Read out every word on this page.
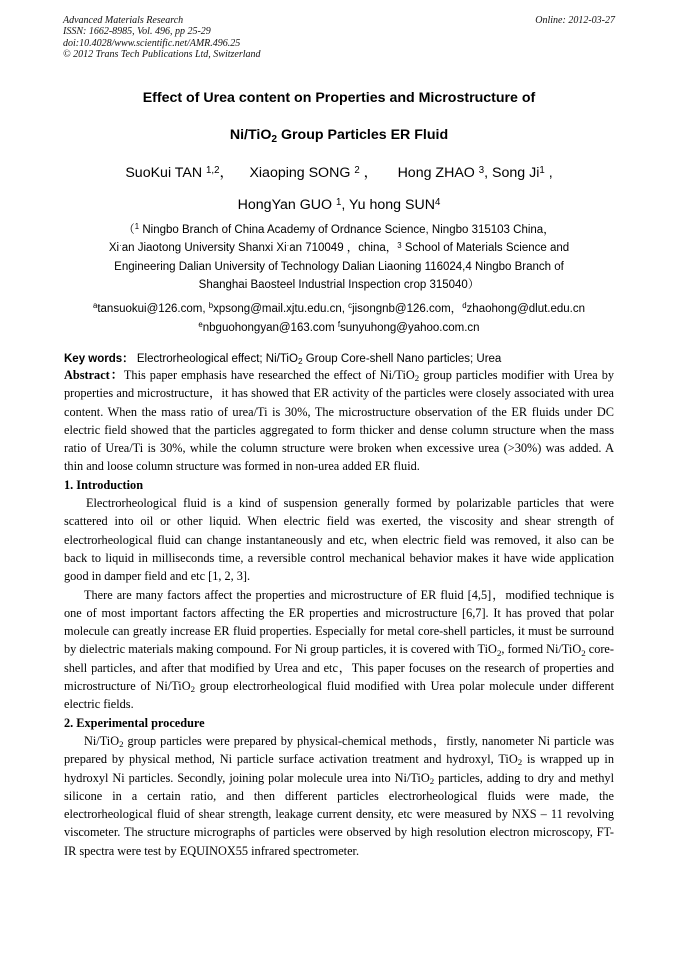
Advanced Materials Research
ISSN: 1662-8985, Vol. 496, pp 25-29
doi:10.4028/www.scientific.net/AMR.496.25
© 2012 Trans Tech Publications Ltd, Switzerland
Online: 2012-03-27
Effect of Urea content on Properties and Microstructure of
Ni/TiO$_2$ Group Particles ER Fluid
SuoKui TAN $^{1,2}$， Xiaoping SONG $^2$ ， Hong ZHAO $^3$, Song Ji$^1$ ,
HongYan GUO $^1$, Yu hong SUN$^4$
（$^1$ Ningbo Branch of China Academy of Ordnance Science, Ningbo 315103 China，
Xi·an Jiaotong University Shanxi Xi·an 710049 ，china，$^3$ School of Materials Science and
Engineering Dalian University of Technology Dalian Liaoning 116024,4 Ningbo Branch of
Shanghai Baosteel Industrial Inspection crop 315040）
$^a$tansuokui@126.com, $^b$xpsong@mail.xjtu.edu.cn, $^c$jisongnb@126.com，$^d$zhaohong@dlut.edu.cn
$^e$nbguohongyan@163.com $^f$sunyuhong@yahoo.com.cn
Key words： Electrorheological effect; Ni/TiO$_2$ Group Core-shell Nano particles; Urea

Abstract：This paper emphasis have researched the effect of Ni/TiO$_2$ group particles modifier with Urea by properties and microstructure，it has showed that ER activity of the particles were closely associated with urea content. When the mass ratio of urea/Ti is 30%, The microstructure observation of the ER fluids under DC electric field showed that the particles aggregated to form thicker and dense column structure when the mass ratio of Urea/Ti is 30%, while the column structure were broken when excessive urea (>30%) was added. A thin and loose column structure was formed in non-urea added ER fluid.

1. Introduction

Electrorheological fluid is a kind of suspension generally formed by polarizable particles that were scattered into oil or other liquid. When electric field was exerted, the viscosity and shear strength of electrorheological fluid can change instantaneously and etc, when electric field was removed, it also can be back to liquid in milliseconds time, a reversible control mechanical behavior makes it have wide application good in damper field and etc [1, 2, 3].

There are many factors affect the properties and microstructure of ER fluid [4,5]，modified technique is one of most important factors affecting the ER properties and microstructure [6,7]. It has proved that polar molecule can greatly increase ER fluid properties. Especially for metal core-shell particles, it must be surround by dielectric materials making compound. For Ni group particles, it is covered with TiO$_2$, formed Ni/TiO$_2$ core-shell particles, and after that modified by Urea and etc，This paper focuses on the research of properties and microstructure of Ni/TiO$_2$ group electrorheological fluid modified with Urea polar molecule under different electric fields.

2. Experimental procedure

Ni/TiO$_2$ group particles were prepared by physical-chemical methods，firstly, nanometer Ni particle was prepared by physical method, Ni particle surface activation treatment and hydroxyl, TiO$_2$ is wrapped up in hydroxyl Ni particles. Secondly, joining polar molecule urea into Ni/TiO$_2$ particles, adding to dry and methyl silicone in a certain ratio, and then different particles electrorheological fluids were made, the electrorheological fluid of shear strength, leakage current density, etc were measured by NXS – 11 revolving viscometer. The structure micrographs of particles were observed by high resolution electron microscopy, FT-IR spectra were test by EQUINOX55 infrared spectrometer.
